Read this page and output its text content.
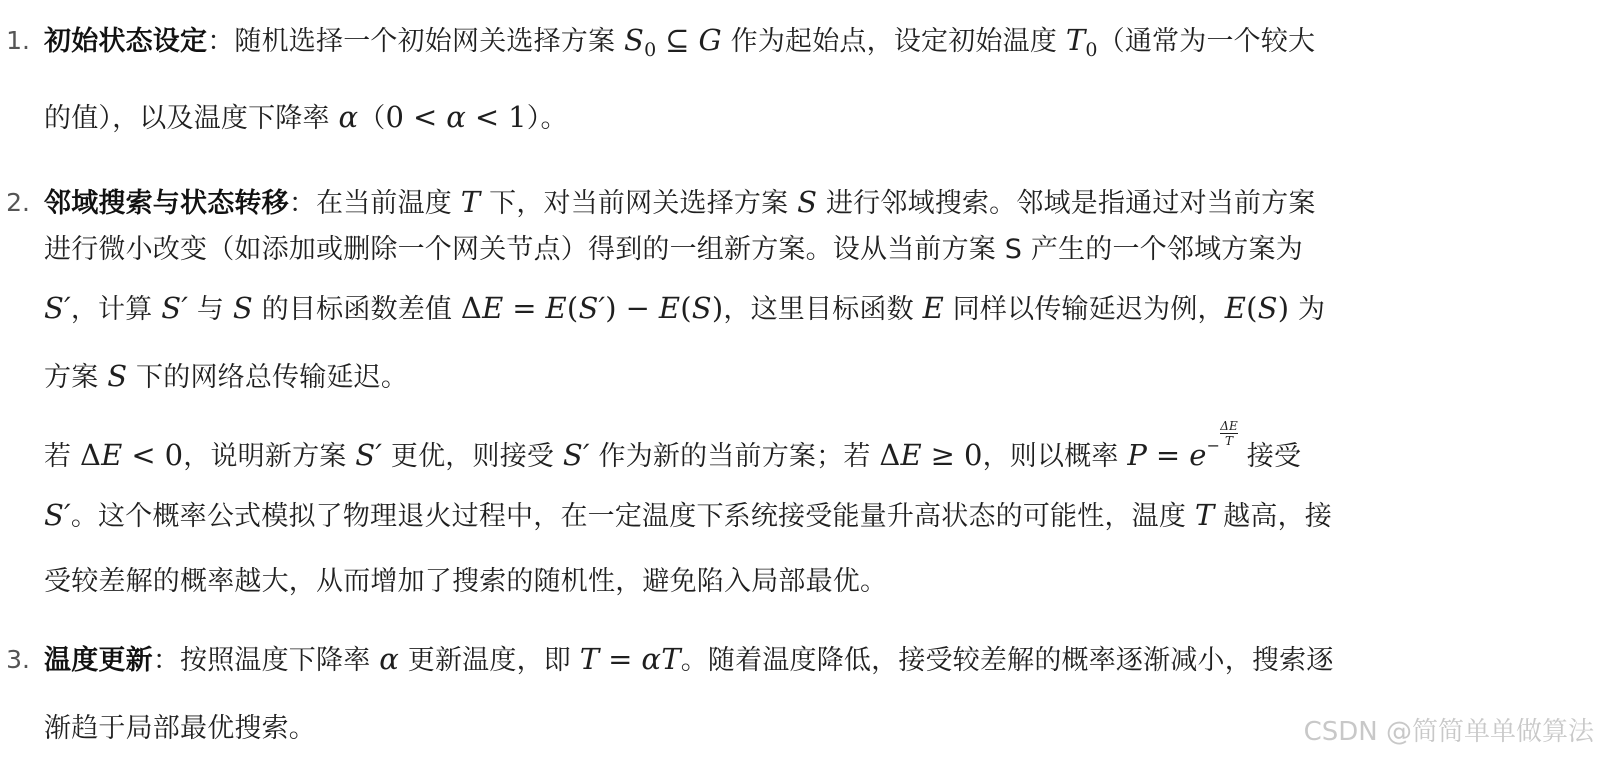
1. 初始状态设定：随机选择一个初始网关选择方案 $S_0$ ⊆ G 作为起始点，设定初始温度 $T_0$（通常为一个较大
的值），以及温度下降率 α（0 < α < 1）。
2. 邻域搜索与状态转移：在当前温度 T 下，对当前网关选择方案 S 进行邻域搜索。邻域是指通过对当前方案
进行微小改变（如添加或删除一个网关节点）得到的一组新方案。设从当前方案 S 产生的一个邻域方案为
S′，计算 S′ 与 S 的目标函数差值 ΔE = E(S′) − E(S)，这里目标函数 E 同样以传输延迟为例，E(S) 为
方案 S 下的网络总传输延迟。
若 ΔE < 0，说明新方案 S′ 更优，则接受 S′ 作为新的当前方案；若 ΔE ≥ 0，则以概率 $P = e- \frac{\Delta E}{T}$
接受
S′。这个概率公式模拟了物理退火过程中，在一定温度下系统接受能量升高状态的可能性，温度 T 越高，接
受较差解的概率越大，从而增加了搜索的随机性，避免陷入局部最优。
3. 温度更新：按照温度下降率 α 更新温度，即 T = αT。随着温度降低，接受较差解的概率逐渐减小，搜索逐
渐趋于局部最优搜索。	CSDN @简简单单做算法
